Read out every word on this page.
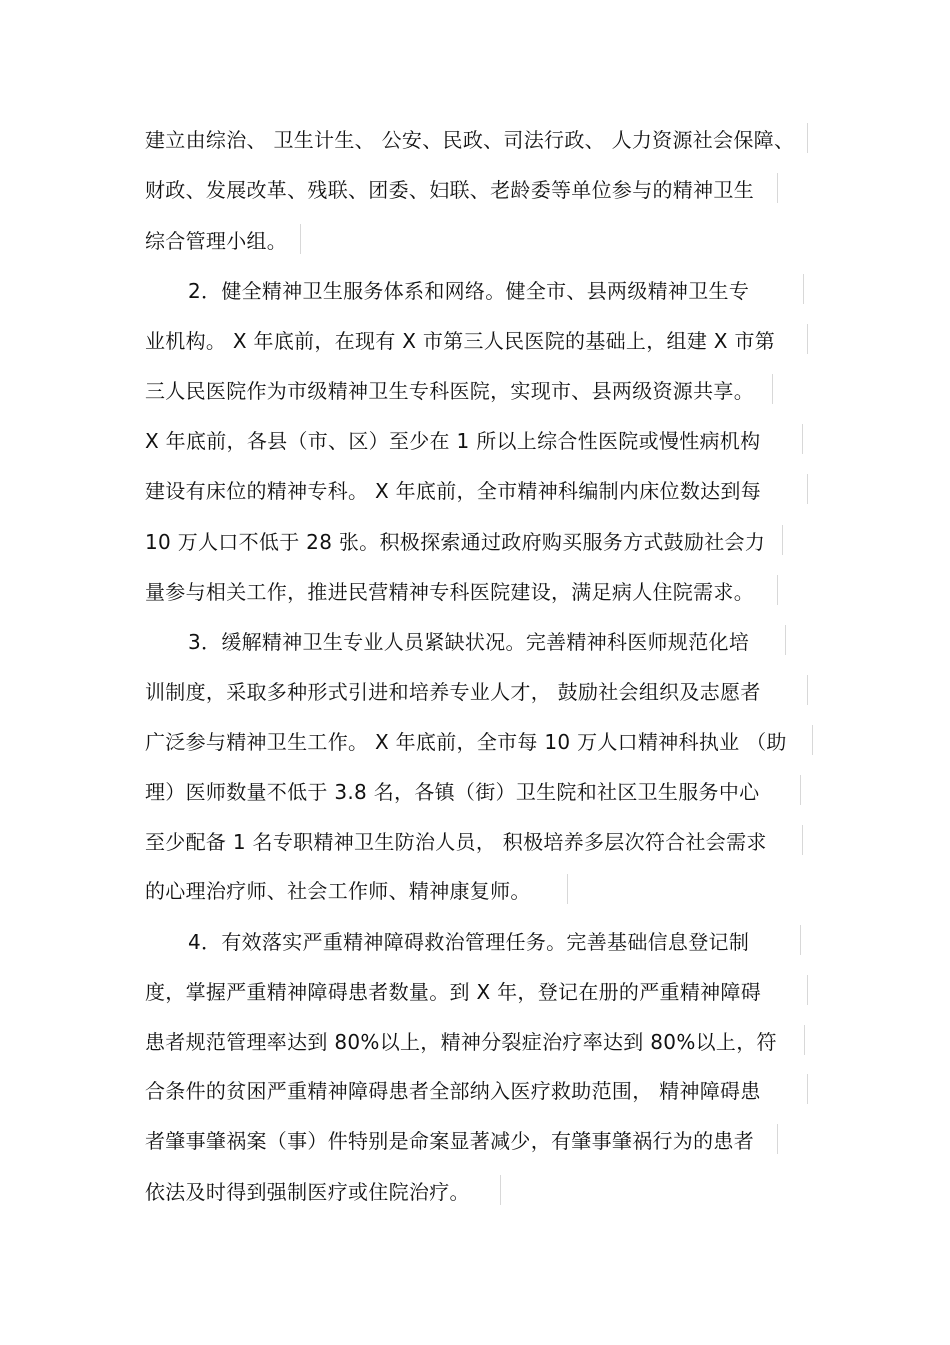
建立由综治、 卫生计生、 公安、民政、司法行政、 人力资源社会保障、
财政、发展改革、残联、团委、妇联、老龄委等单位参与的精神卫生
综合管理小组。
2．健全精神卫生服务体系和网络。健全市、县两级精神卫生专
业机构。 X 年底前，在现有 X 市第三人民医院的基础上，组建 X 市第
三人民医院作为市级精神卫生专科医院，实现市、县两级资源共享。
X 年底前，各县（市、区）至少在 1 所以上综合性医院或慢性病机构
建设有床位的精神专科。 X 年底前，全市精神科编制内床位数达到每
10 万人口不低于 28 张。积极探索通过政府购买服务方式鼓励社会力
量参与相关工作，推进民营精神专科医院建设，满足病人住院需求。
3．缓解精神卫生专业人员紧缺状况。完善精神科医师规范化培
训制度，采取多种形式引进和培养专业人才， 鼓励社会组织及志愿者
广泛参与精神卫生工作。 X 年底前，全市每 10 万人口精神科执业 （助
理）医师数量不低于 3.8 名，各镇（街）卫生院和社区卫生服务中心
至少配备 1 名专职精神卫生防治人员， 积极培养多层次符合社会需求
的心理治疗师、社会工作师、精神康复师。
4．有效落实严重精神障碍救治管理任务。完善基础信息登记制
度，掌握严重精神障碍患者数量。到 X 年，登记在册的严重精神障碍
患者规范管理率达到 80%以上，精神分裂症治疗率达到 80%以上，符
合条件的贫困严重精神障碍患者全部纳入医疗救助范围， 精神障碍患
者肇事肇祸案（事）件特别是命案显著减少，有肇事肇祸行为的患者
依法及时得到强制医疗或住院治疗。
